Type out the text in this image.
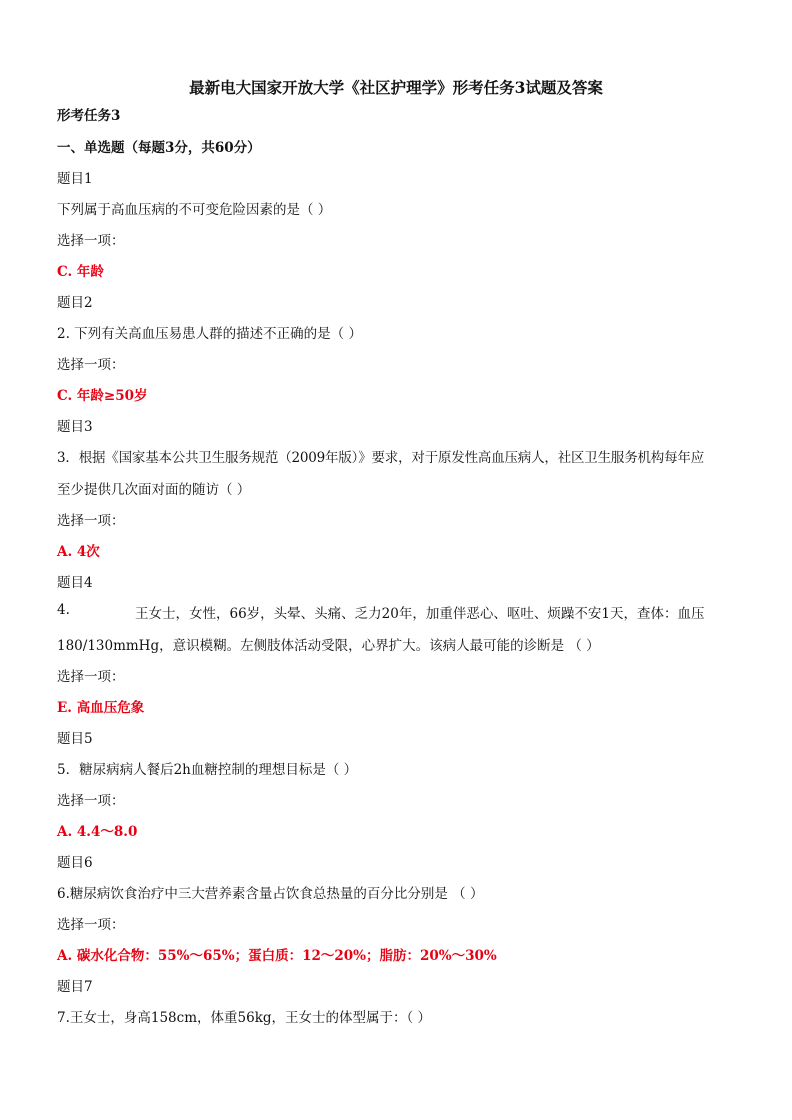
最新电大国家开放大学《社区护理学》形考任务3试题及答案
形考任务3
一、单选题（每题3分，共60分）
题目1
下列属于高血压病的不可变危险因素的是（ ）
选择一项：
C. 年龄
题目2
2. 下列有关高血压易患人群的描述不正确的是（ ）
选择一项：
C. 年龄≥50岁
题目3
3．根据《国家基本公共卫生服务规范（2009年版）》要求，对于原发性高血压病人，社区卫生服务机构每年应
至少提供几次面对面的随访（ ）
选择一项：
A. 4次
题目4
4.	王女士，女性，66岁，头晕、头痛、乏力20年，加重伴恶心、呕吐、烦躁不安1天，查体：血压
180/130mmHg，意识模糊。左侧肢体活动受限，心界扩大。该病人最可能的诊断是 （ ）
选择一项：
E. 高血压危象
题目5
5．糖尿病病人餐后2h血糖控制的理想目标是（ ）
选择一项：
A. 4.4～8.0
题目6
6.糖尿病饮食治疗中三大营养素含量占饮食总热量的百分比分别是 （ ）
选择一项：
A. 碳水化合物：55%～65%；蛋白质：12～20%；脂肪：20%～30%
题目7
7.王女士，身高158cm，体重56kg，王女士的体型属于：（ ）
